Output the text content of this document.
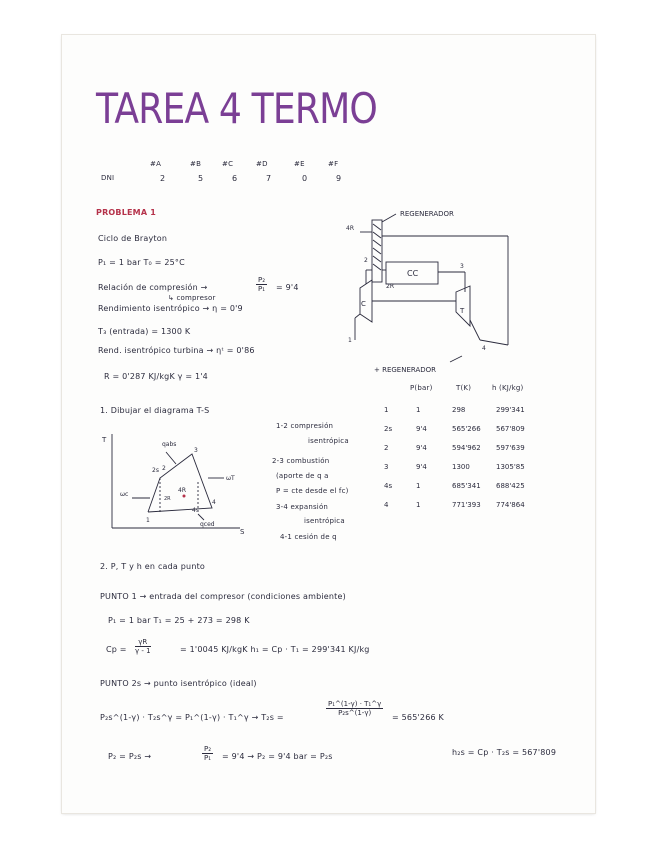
TAREA 4 TERMO
DNI
#A	#B	#C	#D	#E	#F
2	5	6	7	0	9
PROBLEMA 1
Ciclo de Brayton
P₁ = 1 bar T₀ = 25°C
Relación de compresión →	$\frac{\text{P₂}}{\text{P₁}} = 9'4$
↳ compresor
Rendimiento isentrópico → η = 0'9
T₃ (entrada) = 1300 K
Rend. isentrópico turbina → ηᵗ = 0'86
R = 0'287 KJ/kgK γ = 1'4
REGENERADOR
CC
C
T
4R
2R
2
3
1
4
+ REGENERADOR
P(bar)	T(K)	h (KJ/kg)
1	1	298	299'341
2s	9'4	565'266	567'809
2	9'4	594'962	597'639
3	9'4	1300	1305'85
4s	1	685'341	688'425
4	1	771'393	774'864
1. Dibujar el diagrama T-S
1-2 compresión
isentrópica
2-3 combustión
(aporte de q a
P = cte desde el fc)
3-4 expansión
isentrópica
4-1 cesión de q
T
S
qabs
qced
ωc
ωT
1
2s 2
3
4
4s
4R
2R
2. P, T y h en cada punto
PUNTO 1 → entrada del compresor (condiciones ambiente)
P₁ = 1 bar T₁ = 25 + 273 = 298 K
$Cp = \frac{\gamma R}{\gamma - 1}$	= 1'0045 KJ/kgK h₁ = Cp · T₁ = 299'341 KJ/kg
PUNTO 2s → punto isentrópico (ideal)
P₂s^(1-γ) · T₂s^γ = P₁^(1-γ) · T₁^γ → T₂s =
$\frac{\text{P₁\textasciicircum{}(1-γ) · T₁\textasciicircum{}γ}}{\text{P₂s\textasciicircum{}(1-γ)}}$
= 565'266 K
P₂ = P₂s →	$\frac{\text{P₂}}{\text{P₁}} = 9'4 \to P_2 = 9'4$ bar = P₂s	h₂s = Cp · T₂s = 567'809
